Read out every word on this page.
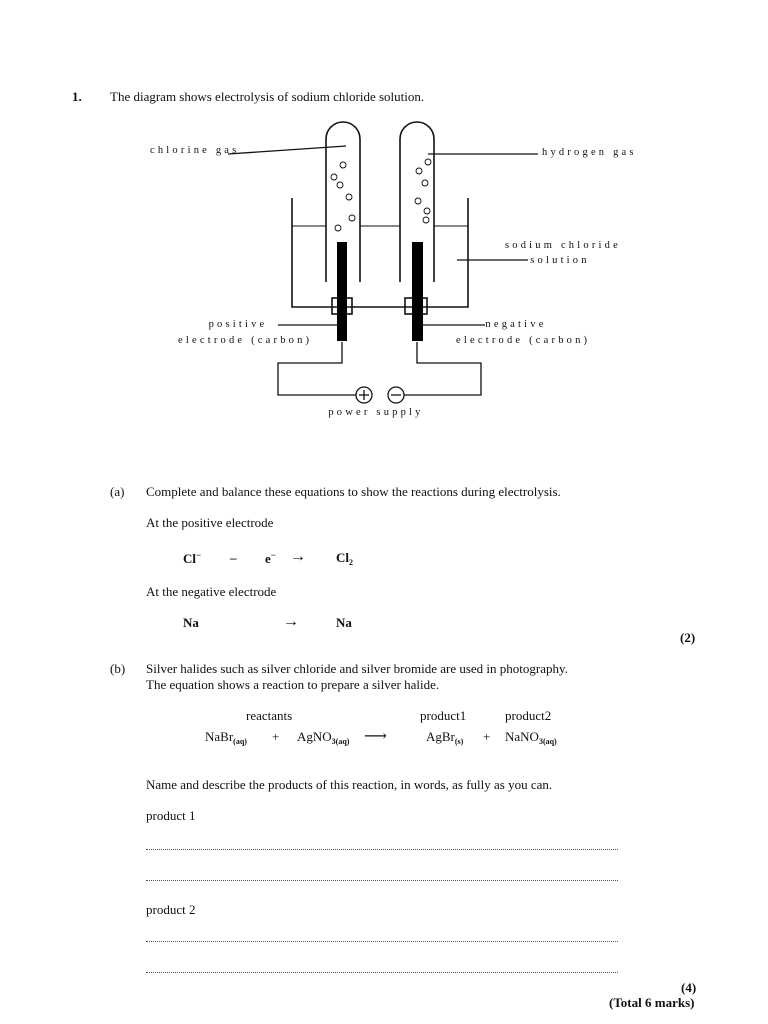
1. The diagram shows electrolysis of sodium chloride solution.
chlorine gas	hydrogen gas
sodium chloride
solution
positive
electrode (carbon)
negative
electrode (carbon)
power supply
(a) Complete and balance these equations to show the reactions during electrolysis.
At the positive electrode
$Cl^- - e^- \to Cl_2$
At the negative electrode
Na	→	Na
(2)
(b) Silver halides such as silver chloride and silver bromide are used in photography.
The equation shows a reaction to prepare a silver halide.
reactants	product1	product2
NaBr$_{(aq)}$ + AgNO$_{3(aq)}$ ⟶	AgBr$_{(s)}$ + NaNO$_{3(aq)}$
Name and describe the products of this reaction, in words, as fully as you can.
product 1
product 2
(4)
(Total 6 marks)
